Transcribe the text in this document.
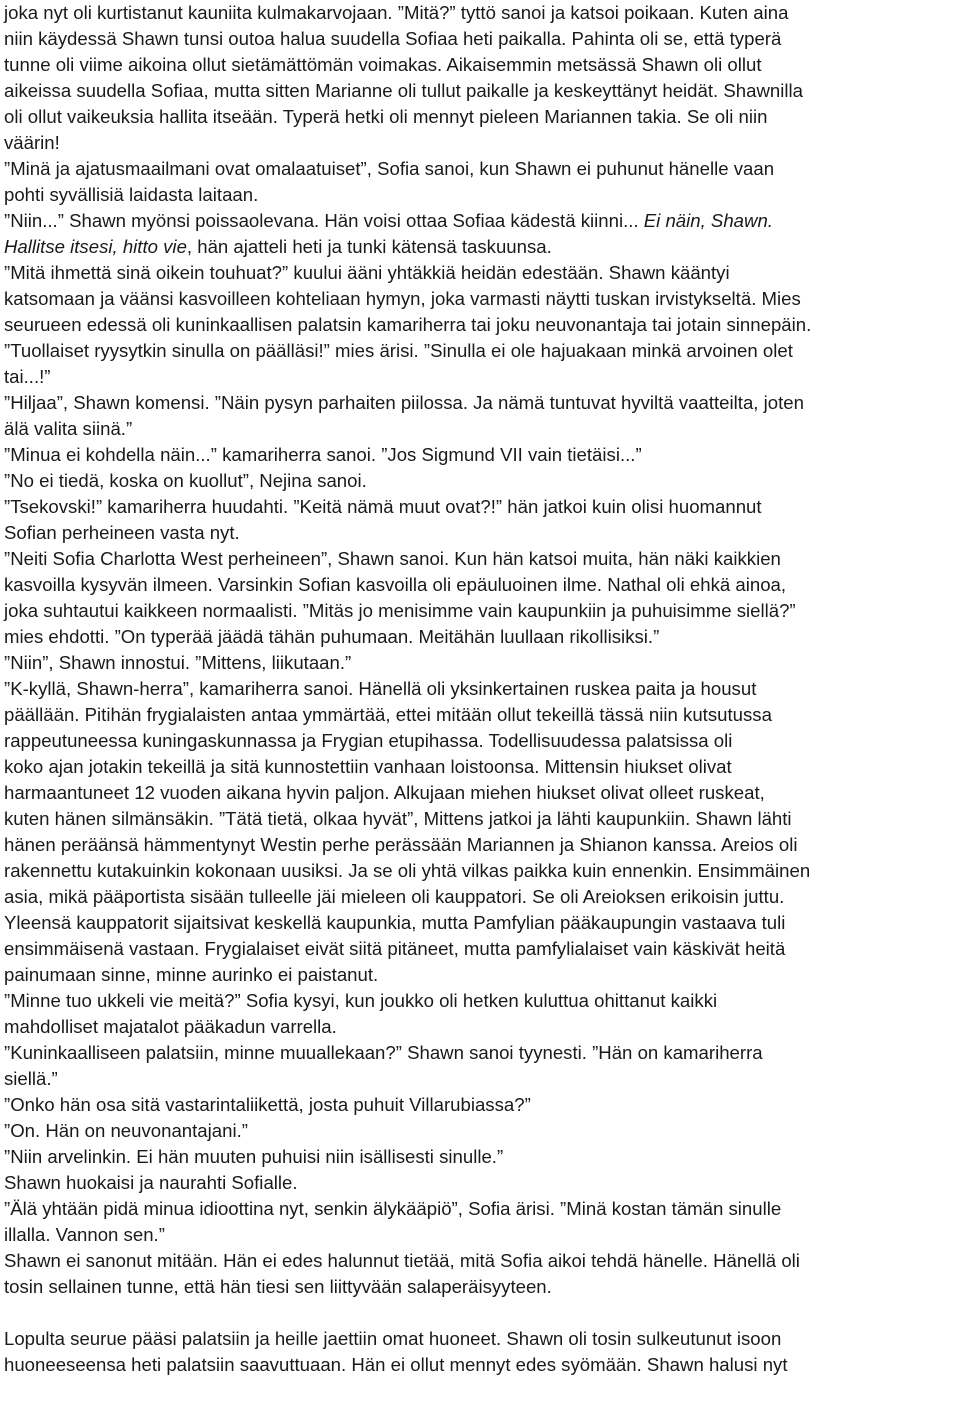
joka nyt oli kurtistanut kauniita kulmakarvojaan. ”Mitä?” tyttö sanoi ja katsoi poikaan. Kuten aina
niin käydessä Shawn tunsi outoa halua suudella Sofiaa heti paikalla. Pahinta oli se, että typerä
tunne oli viime aikoina ollut sietämättömän voimakas. Aikaisemmin metsässä Shawn oli ollut
aikeissa suudella Sofiaa, mutta sitten Marianne oli tullut paikalle ja keskeyttänyt heidät. Shawnilla
oli ollut vaikeuksia hallita itseään. Typerä hetki oli mennyt pieleen Mariannen takia. Se oli niin
väärin!
”Minä ja ajatusmaailmani ovat omalaatuiset”, Sofia sanoi, kun Shawn ei puhunut hänelle vaan
pohti syvällisiä laidasta laitaan.
”Niin...” Shawn myönsi poissaolevana. Hän voisi ottaa Sofiaa kädestä kiinni... Ei näin, Shawn.
Hallitse itsesi, hitto vie, hän ajatteli heti ja tunki kätensä taskuunsa.
”Mitä ihmettä sinä oikein touhuat?” kuului ääni yhtäkkiä heidän edestään. Shawn kääntyi
katsomaan ja väänsi kasvoilleen kohteliaan hymyn, joka varmasti näytti tuskan irvistykseltä. Mies
seurueen edessä oli kuninkaallisen palatsin kamariherra tai joku neuvonantaja tai jotain sinnepäin.
”Tuollaiset ryysytkin sinulla on päälläsi!” mies ärisi. ”Sinulla ei ole hajuakaan minkä arvoinen olet
tai...!”
”Hiljaa”, Shawn komensi. ”Näin pysyn parhaiten piilossa. Ja nämä tuntuvat hyviltä vaatteilta, joten
älä valita siinä.”
”Minua ei kohdella näin...” kamariherra sanoi. ”Jos Sigmund VII vain tietäisi...”
”No ei tiedä, koska on kuollut”, Nejina sanoi.
”Tsekovski!” kamariherra huudahti. ”Keitä nämä muut ovat?!” hän jatkoi kuin olisi huomannut
Sofian perheineen vasta nyt.
”Neiti Sofia Charlotta West perheineen”, Shawn sanoi. Kun hän katsoi muita, hän näki kaikkien
kasvoilla kysyvän ilmeen. Varsinkin Sofian kasvoilla oli epäuluoinen ilme. Nathal oli ehkä ainoa,
joka suhtautui kaikkeen normaalisti. ”Mitäs jo menisimme vain kaupunkiin ja puhuisimme siellä?”
mies ehdotti. ”On typerää jäädä tähän puhumaan. Meitähän luullaan rikollisiksi.”
”Niin”, Shawn innostui. ”Mittens, liikutaan.”
”K-kyllä, Shawn-herra”, kamariherra sanoi. Hänellä oli yksinkertainen ruskea paita ja housut
päällään. Pitihän frygialaisten antaa ymmärtää, ettei mitään ollut tekeillä tässä niin kutsutussa
rappeutuneessa kuningaskunnassa ja Frygian etupihassa. Todellisuudessa palatsissa oli
koko ajan jotakin tekeillä ja sitä kunnostettiin vanhaan loistoonsa. Mittensin hiukset olivat
harmaantuneet 12 vuoden aikana hyvin paljon. Alkujaan miehen hiukset olivat olleet ruskeat,
kuten hänen silmänsäkin. ”Tätä tietä, olkaa hyvät”, Mittens jatkoi ja lähti kaupunkiin. Shawn lähti
hänen peräänsä hämmentynyt Westin perhe perässään Mariannen ja Shianon kanssa. Areios oli
rakennettu kutakuinkin kokonaan uusiksi. Ja se oli yhtä vilkas paikka kuin ennenkin. Ensimmäinen
asia, mikä pääportista sisään tulleelle jäi mieleen oli kauppatori. Se oli Areioksen erikoisin juttu.
Yleensä kauppatorit sijaitsivat keskellä kaupunkia, mutta Pamfylian pääkaupungin vastaava tuli
ensimmäisenä vastaan. Frygialaiset eivät siitä pitäneet, mutta pamfylialaiset vain käskivät heitä
painumaan sinne, minne aurinko ei paistanut.
”Minne tuo ukkeli vie meitä?” Sofia kysyi, kun joukko oli hetken kuluttua ohittanut kaikki
mahdolliset majatalot pääkadun varrella.
”Kuninkaalliseen palatsiin, minne muuallekaan?” Shawn sanoi tyynesti. ”Hän on kamariherra
siellä.”
”Onko hän osa sitä vastarintaliikettä, josta puhuit Villarubiassa?”
”On. Hän on neuvonantajani.”
”Niin arvelinkin. Ei hän muuten puhuisi niin isällisesti sinulle.”
Shawn huokaisi ja naurahti Sofialle.
”Älä yhtään pidä minua idioottina nyt, senkin älykääpiö”, Sofia ärisi. ”Minä kostan tämän sinulle
illalla. Vannon sen.”
Shawn ei sanonut mitään. Hän ei edes halunnut tietää, mitä Sofia aikoi tehdä hänelle. Hänellä oli
tosin sellainen tunne, että hän tiesi sen liittyvään salaperäisyyteen.
Lopulta seurue pääsi palatsiin ja heille jaettiin omat huoneet. Shawn oli tosin sulkeutunut isoon
huoneeseensa heti palatsiin saavuttuaan. Hän ei ollut mennyt edes syömään. Shawn halusi nyt
